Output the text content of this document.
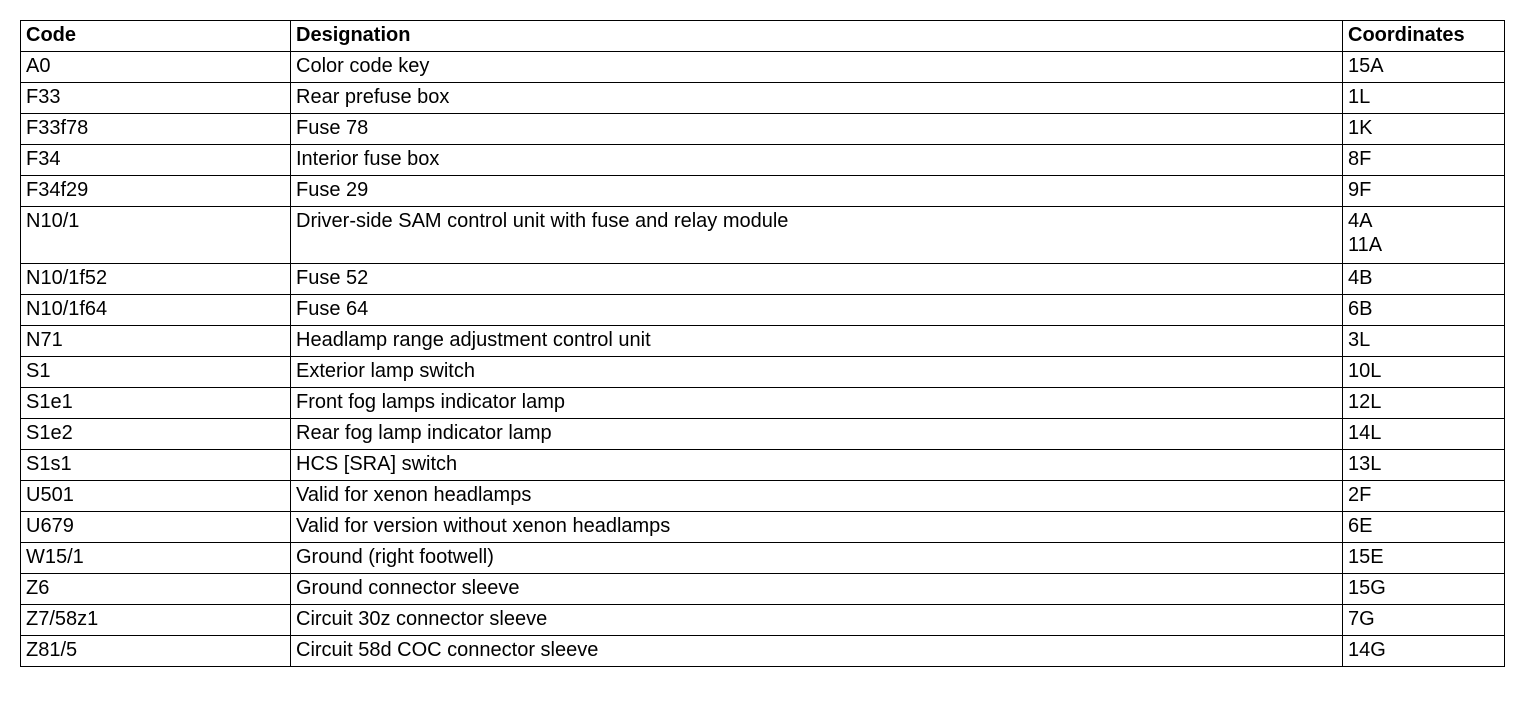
Code	Designation	Coordinates
A0	Color code key	15A

F33	Rear prefuse box	1L

F33f78	Fuse 78	1K

F34	Interior fuse box	8F

F34f29	Fuse 29	9F

N10/1	Driver-side SAM control unit with fuse and relay module	4A
11A

N10/1f52	Fuse 52	4B

N10/1f64	Fuse 64	6B

N71	Headlamp range adjustment control unit	3L

S1	Exterior lamp switch	10L

S1e1	Front fog lamps indicator lamp	12L

S1e2	Rear fog lamp indicator lamp	14L

S1s1	HCS [SRA] switch	13L

U501	Valid for xenon headlamps	2F

U679	Valid for version without xenon headlamps	6E

W15/1	Ground (right footwell)	15E

Z6	Ground connector sleeve	15G

Z7/58z1	Circuit 30z connector sleeve	7G

Z81/5	Circuit 58d COC connector sleeve	14G
